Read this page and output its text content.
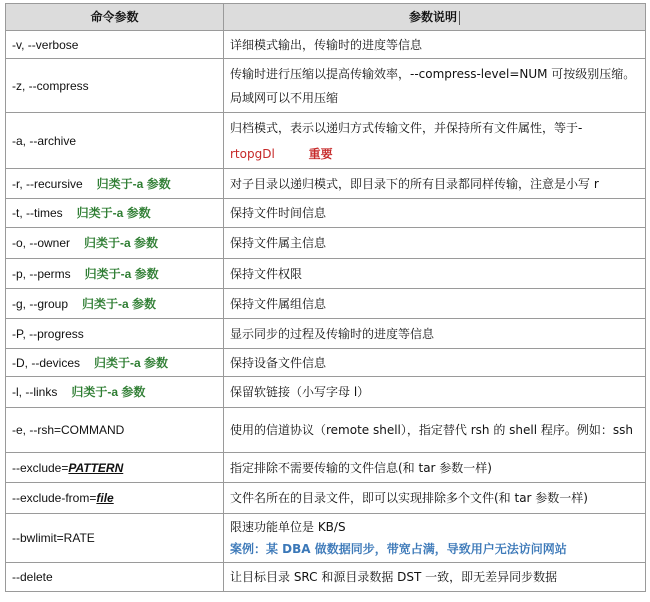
命令参数	参数说明
-v, --verbose	详细模式输出，传输时的进度等信息
-z, --compress	传输时进行压缩以提高传输效率，--compress-level=NUM 可按级别压缩。局域网可以不用压缩
-a, --archive	归档模式，表示以递归方式传输文件，并保持所有文件属性，等于-
rtopgDl 重要
-r, --recursive 归类于-a 参数	对子目录以递归模式，即目录下的所有目录都同样传输，注意是小写 r
-t, --times 归类于-a 参数	保持文件时间信息
-o, --owner 归类于-a 参数	保持文件属主信息
-p, --perms 归类于-a 参数	保持文件权限
-g, --group 归类于-a 参数	保持文件属组信息
-P, --progress	显示同步的过程及传输时的进度等信息
-D, --devices 归类于-a 参数	保持设备文件信息
-l, --links 归类于-a 参数	保留软链接（小写字母 l）
-e, --rsh=COMMAND	使用的信道协议（remote shell），指定替代 rsh 的 shell 程序。例如：ssh
--exclude=PATTERN	指定排除不需要传输的文件信息(和 tar 参数一样)
--exclude-from=file	文件名所在的目录文件，即可以实现排除多个文件(和 tar 参数一样)
--bwlimit=RATE	限速功能单位是 KB/S
案例：某 DBA 做数据同步，带宽占满，导致用户无法访问网站
--delete	让目标目录 SRC 和源目录数据 DST 一致，即无差异同步数据
